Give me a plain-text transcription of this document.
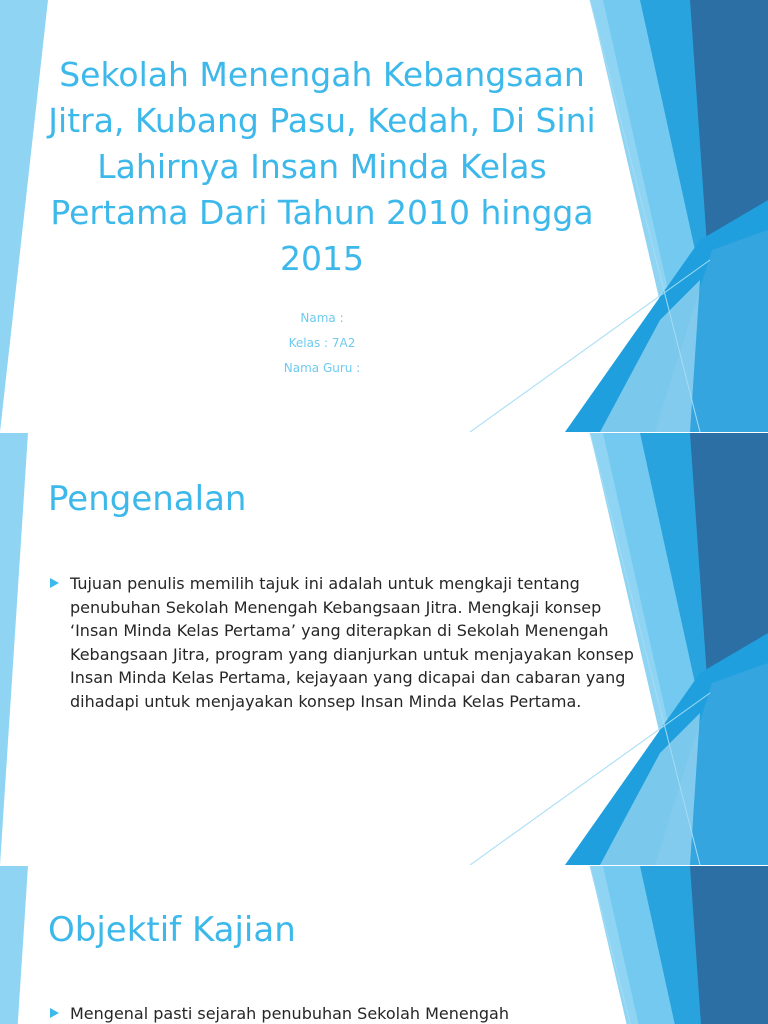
Sekolah Menengah Kebangsaan Jitra, Kubang Pasu, Kedah, Di Sini Lahirnya Insan Minda Kelas Pertama Dari Tahun 2010 hingga 2015

Nama :

Kelas : 7A2

Nama Guru :

Pengenalan
Tujuan penulis memilih tajuk ini adalah untuk mengkaji tentang penubuhan Sekolah Menengah Kebangsaan Jitra. Mengkaji konsep ‘Insan Minda Kelas Pertama’ yang diterapkan di Sekolah Menengah Kebangsaan Jitra, program yang dianjurkan untuk menjayakan konsep Insan Minda Kelas Pertama, kejayaan yang dicapai dan cabaran yang dihadapi untuk menjayakan konsep Insan Minda Kelas Pertama.
Objektif Kajian
Mengenal pasti sejarah penubuhan Sekolah Menengah
